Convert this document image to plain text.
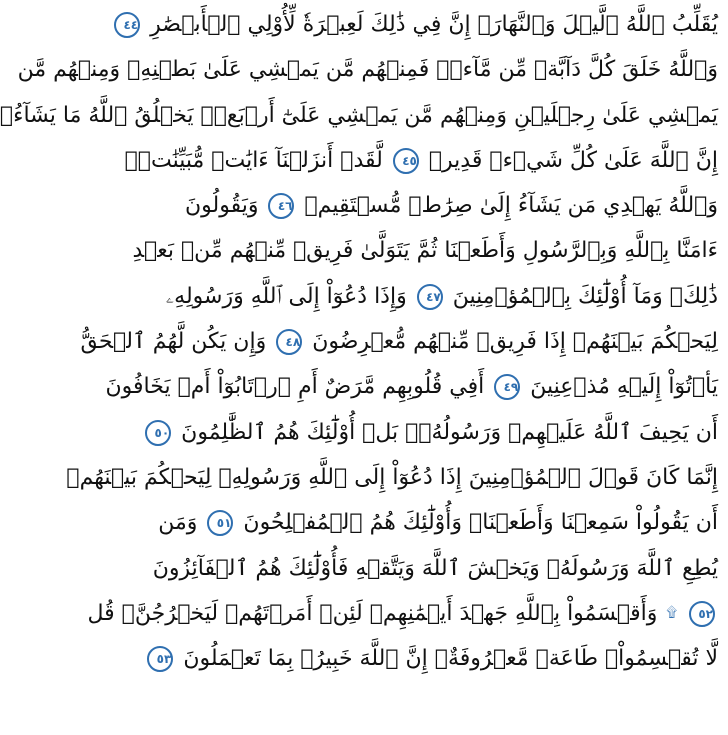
يُقَلِّبُ ٱللَّهُ ٱلَّيۡلَ وَٱلنَّهَارَۚ إِنَّ فِي ذَٰلِكَ لَعِبۡرَةٗ لِّأُوْلِي ٱلۡأَبۡصَٰرِ ٤٤
وَٱللَّهُ خَلَقَ كُلَّ دَآبَّةٖ مِّن مَّآءٖۖ فَمِنۡهُم مَّن يَمۡشِي عَلَىٰ بَطۡنِهِۦ وَمِنۡهُم مَّن
يَمۡشِي عَلَىٰ رِجۡلَيۡنِ وَمِنۡهُم مَّن يَمۡشِي عَلَىٰٓ أَرۡبَعٖۚ يَخۡلُقُ ٱللَّهُ مَا يَشَآءُۚ
إِنَّ ٱللَّهَ عَلَىٰ كُلِّ شَيۡءٖ قَدِيرٞ ٤٥ لَّقَدۡ أَنزَلۡنَآ ءَايَٰتٖ مُّبَيِّنَٰتٖۚ
وَٱللَّهُ يَهۡدِي مَن يَشَآءُ إِلَىٰ صِرَٰطٖ مُّسۡتَقِيمٖ ٤٦ وَيَقُولُونَ
ءَامَنَّا بِٱللَّهِ وَبِٱلرَّسُولِ وَأَطَعۡنَا ثُمَّ يَتَوَلَّىٰ فَرِيقٞ مِّنۡهُم مِّنۢ بَعۡدِ
ذَٰلِكَۚ وَمَآ أُوْلَٰٓئِكَ بِٱلۡمُؤۡمِنِينَ ٤٧ وَإِذَا دُعُوٓاْ إِلَى ٱللَّهِ وَرَسُولِهِۦ
لِيَحۡكُمَ بَيۡنَهُمۡ إِذَا فَرِيقٞ مِّنۡهُم مُّعۡرِضُونَ ٤٨ وَإِن يَكُن لَّهُمُ ٱلۡحَقُّ
يَأۡتُوٓاْ إِلَيۡهِ مُذۡعِنِينَ ٤٩ أَفِي قُلُوبِهِم مَّرَضٌ أَمِ ٱرۡتَابُوٓاْ أَمۡ يَخَافُونَ
أَن يَحِيفَ ٱللَّهُ عَلَيۡهِمۡ وَرَسُولُهُۥۚ بَلۡ أُوْلَٰٓئِكَ هُمُ ٱلظَّٰلِمُونَ ٥٠
إِنَّمَا كَانَ قَوۡلَ ٱلۡمُؤۡمِنِينَ إِذَا دُعُوٓاْ إِلَى ٱللَّهِ وَرَسُولِهِۦ لِيَحۡكُمَ بَيۡنَهُمۡ
أَن يَقُولُواْ سَمِعۡنَا وَأَطَعۡنَاۚ وَأُوْلَٰٓئِكَ هُمُ ٱلۡمُفۡلِحُونَ ٥١ وَمَن
يُطِعِ ٱللَّهَ وَرَسُولَهُۥ وَيَخۡشَ ٱللَّهَ وَيَتَّقۡهِ فَأُوْلَٰٓئِكَ هُمُ ٱلۡفَآئِزُونَ
٥٢ ۩ وَأَقۡسَمُواْ بِٱللَّهِ جَهۡدَ أَيۡمَٰنِهِمۡ لَئِنۡ أَمَرۡتَهُمۡ لَيَخۡرُجُنَّۖ قُل
لَّا تُقۡسِمُواْۖ طَاعَةٞ مَّعۡرُوفَةٌۚ إِنَّ ٱللَّهَ خَبِيرُۢ بِمَا تَعۡمَلُونَ ٥٣
